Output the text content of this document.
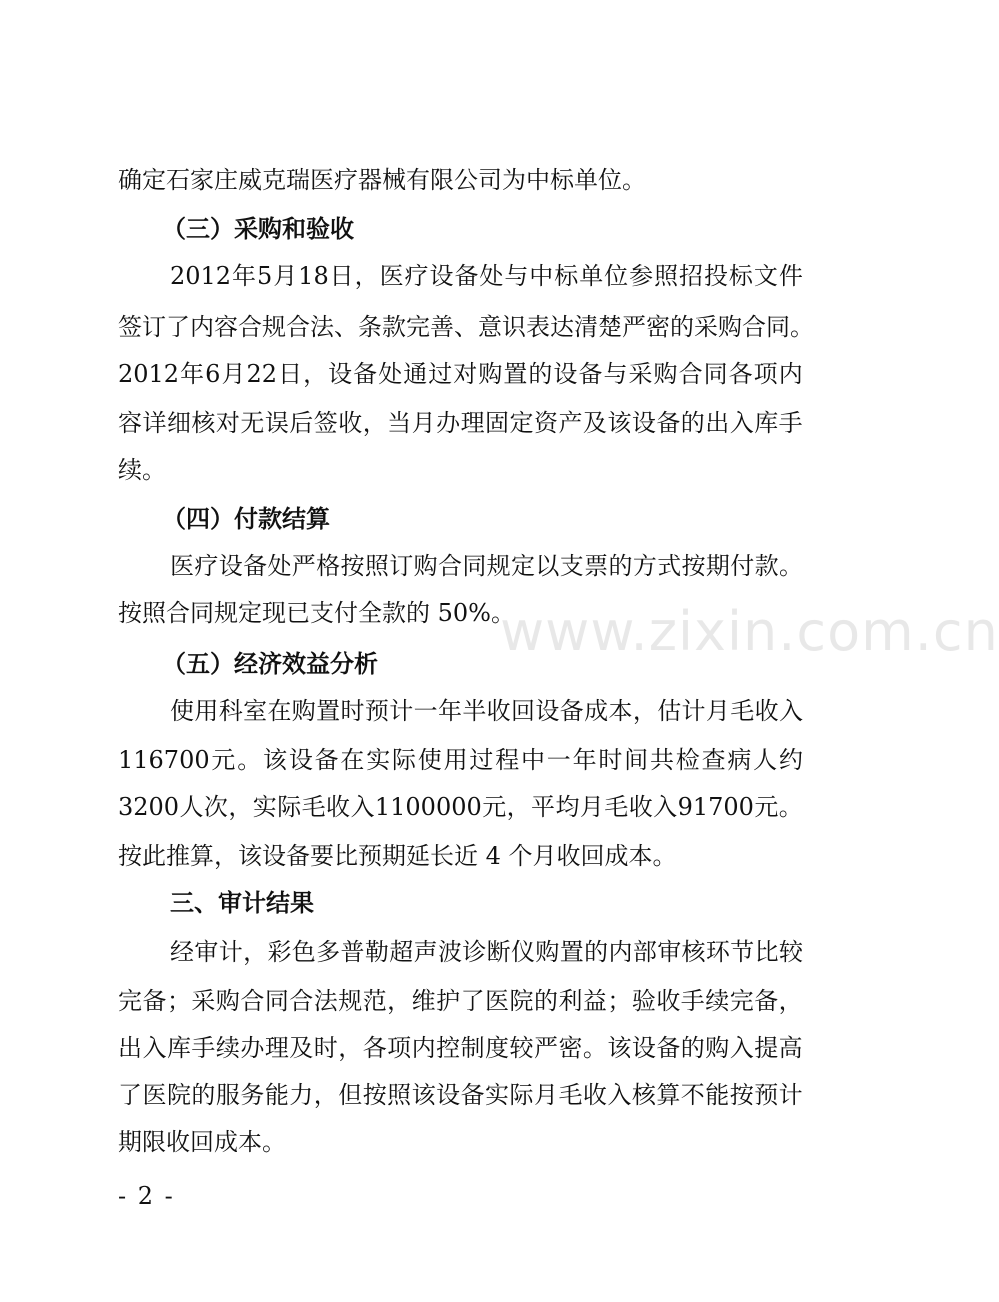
确定石家庄威克瑞医疗器械有限公司为中标单位。
（三）采购和验收
2012 年 5 月 18 日 ， 医 疗 设 备 处 与 中 标 单 位 参 照 招 投 标 文 件
签 订 了 内 容 合 规 合 法 、 条 款 完 善 、 意 识 表 达 清 楚 严 密 的 采 购 合 同 。
2012 年 6 月 22 日 ， 设 备 处 通 过 对 购 置 的 设 备 与 采 购 合 同 各 项 内
容 详 细 核 对 无 误 后 签 收 ， 当 月 办 理 固 定 资 产 及 该 设 备 的 出 入 库 手
续。
（四）付款结算
医 疗 设 备 处 严 格 按 照 订 购 合 同 规 定 以 支 票 的 方 式 按 期 付 款 。
按照合同规定现已支付全款的 50%。
（五）经济效益分析
使 用 科 室 在 购 置 时 预 计 一 年 半 收 回 设 备 成 本 ， 估 计 月 毛 收 入
116700 元 。 该 设 备 在 实 际 使 用 过 程 中 一 年 时 间 共 检 查 病 人 约
3200 人 次 ， 实 际 毛 收 入 1100000 元 ， 平 均 月 毛 收 入 91700 元 。
按此推算，该设备要比预期延长近 4 个月收回成本。
三、审计结果
经 审 计 ， 彩 色 多 普 勒 超 声 波 诊 断 仪 购 置 的 内 部 审 核 环 节 比 较
完 备 ； 采 购 合 同 合 法 规 范 ， 维 护 了 医 院 的 利 益 ； 验 收 手 续 完 备 ，
出 入 库 手 续 办 理 及 时 ， 各 项 内 控 制 度 较 严 密 。 该 设 备 的 购 入 提 高
了 医 院 的 服 务 能 力 ， 但 按 照 该 设 备 实 际 月 毛 收 入 核 算 不 能 按 预 计
期限收回成本。
www.zixin.com.cn
- 2 -
